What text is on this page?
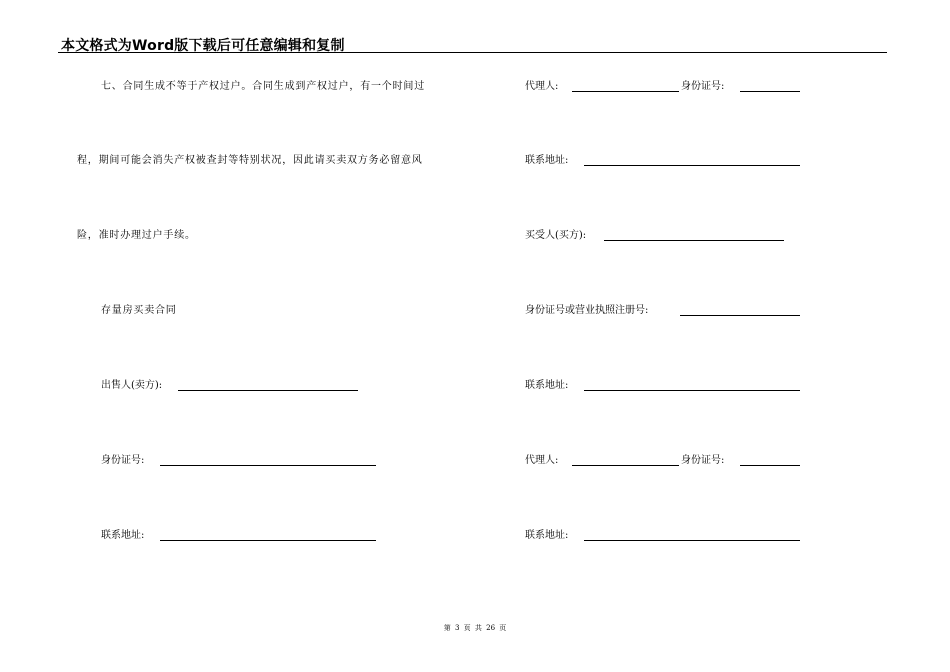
本文格式为Word版下载后可任意编辑和复制
七、合同生成不等于产权过户。合同生成到产权过户，有一个时间过
程，期间可能会消失产权被查封等特别状况，因此请买卖双方务必留意风
险，准时办理过户手续。
存量房买卖合同
出售人(卖方):
身份证号:
联系地址:
代理人:	身份证号:
联系地址:
买受人(买方):
身份证号或营业执照注册号:
联系地址:
代理人:	身份证号:
联系地址:
第 3 页 共 26 页
